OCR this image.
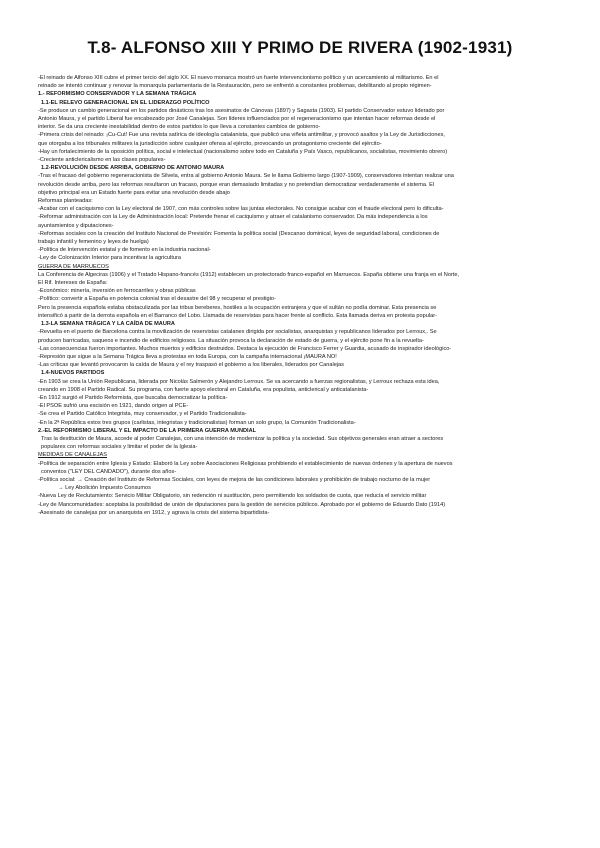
T.8- ALFONSO XIII Y PRIMO DE RIVERA (1902-1931)

-El reinado de Alfonso XIII cubre el primer tercio del siglo XX. El nuevo monarca mostró un fuerte intervencionismo político y un acercamiento al militarismo. En el

reinado se intentó continuar y renovar la monarquía parlamentaria de la Restauración, pero se enfrentó a constantes problemas, debilitando al propio régimen-

1.- REFORMISMO CONSERVADOR Y LA SEMANA TRÁGICA

1.1-EL RELEVO GENERACIONAL EN EL LIDERAZGO POLÍTICO

-Se produce un cambio generacional en los partidos dinásticos tras los asesinatos de Cánovas (1897) y Sagasta (1903). El partido Conservador estuvo liderado por

Antonio Maura, y el partido Liberal fue encabezado por José Canalejas. Son líderes influenciados por el regeneracionismo que intentan hacer reformas desde el

interior. Se da una creciente inestabilidad dentro de estos partidos lo que lleva a constantes cambios de gobierno-

-Primera crisis del reinado: ¡Cu-Cut! Fue una revista satírica de ideología catalanista, que publicó una viñeta antimilitar, y provocó asaltos y la Ley de Jurisdicciones,

que otorgaba a los tribunales militares la jurisdicción sobre cualquier ofensa al ejército, provocando un protagonismo creciente del ejército-

-Hay un fortalecimiento de la oposición política, social e intelectual (nacionalismo sobre todo en Cataluña y País Vasco, republicanos, socialistas, movimiento obrero)

-Creciente anticlericalismo en las clases populares-

1.2-REVOLUCIÓN DESDE ARRIBA, GOBIERNO DE ANTONIO MAURA

-Tras el fracaso del gobierno regeneracionista de Silvela, entra al gobierno Antonio Maura. Se le llama Gobierno largo (1907-1909), conservadores intentan realizar una

revolución desde arriba, pero las reformas resultaron un fracaso, porque eran demasiado limitadas y no pretendían democratizar verdaderamente el sistema. El

objetivo principal era un Estado fuerte para evitar una revolución desde abajo

Reformas planteadas:

-Acabar con el caciquismo con la Ley electoral de 1907, con más controles sobre las juntas electorales. No consigue acabar con el fraude electoral pero lo dificulta-

-Reformar administración con la Ley de Administración local: Pretende frenar el caciquismo y atraer el catalanismo conservador. Da más independencia a los

ayuntamientos y diputaciones-

-Reformas sociales con la creación del Instituto Nacional de Previsión: Fomenta la política social (Descanso dominical, leyes de seguridad laboral, condiciones de

trabajo infantil y femenino y leyes de huelga)

-Política de Intervención estatal y de fomento en la industria nacional-

-Ley de Colonización Interior para incentivar la agricultura

GUERRA DE MARRUECOS

La Conferencia de Algeciras (1906) y el Tratado Hispano-francés (1912) establecen un protectorado franco-español en Marruecos. España obtiene una franja en el Norte,

El Rif. Intereses de España:

-Económico: minería, inversión en ferrocarriles y obras públicas

-Político: convertir a España en potencia colonial tras el desastre del 98 y recuperar el prestigio-

Pero la presencia española estaba obstaculizada por las tribus bereberes, hostiles a la ocupación extranjera y que el sultán no podía dominar. Esta presencia se

intensificó a partir de la derrota española en el Barranco del Lobo. Llamada de reservistas para hacer frente al conflicto. Esta llamada deriva en protesta popular-

1.3-LA SEMANA TRÁGICA Y LA CAÍDA DE MAURA

-Revuelta en el puerto de Barcelona contra la movilización de reservistas catalanes dirigida por socialistas, anarquistas y republicanos liderados por Lerroux,. Se

producen barricadas, saqueos e incendio de edificios religiosos. La situación provoca la declaración de estado de guerra, y el ejército pone fin a la revuelta-

-Las consecuencias fueron importantes. Muchos muertos y edificios destruidos. Destaca la ejecución de Francisco Ferrer y Guardia, acusado de inspirador ideológico-

-Represión que sigue a la Semana Trágica lleva a protestas en toda Europa, con la campaña internacional ¡MAURA NO!

-Las críticas que levantó provocaron la caída de Maura y el rey traspasó el gobierno a los liberales, liderados por Canalejas

1.4-NUEVOS PARTIDOS

-En 1903 se crea la Unión Republicana, liderada por Nicolás Salmerón y Alejandro Lerroux. Se va acercando a fuerzas regionalistas, y Lerroux rechaza esta idea,

creando en 1908 el Partido Radical. Su programa, con fuerte apoyo electoral en Cataluña, era populista, anticlerical y anticatalanista-

-En 1912 surgió el Partido Reformista, que buscaba democratizar la política-

-El PSOE sufrió una escisión en 1921, dando origen al PCE-

-Se crea el Partido Católico Integrista, muy conservador, y el Partido Tradicionalista-

-En la 2ª República estos tres grupos (carlistas, integristas y tradicionalistas) forman un solo grupo, la Comunión Tradicionalista-

2.-EL REFORMISMO LIBERAL Y EL IMPACTO DE LA PRIMERA GUERRA MUNDIAL

Tras la destitución de Maura, accede al poder Canalejas, con una intención de modernizar la política y la sociedad. Sus objetivos generales eran atraer a sectores

populares con reformas sociales y limitar el poder de la Iglesia-

MEDIDAS DE CANALEJAS

-Política de separación entre Iglesia y Estado: Elaboró la Ley sobre Asociaciones Religiosas prohibiendo el establecimiento de nuevas órdenes y la apertura de nuevos

conventos ("LEY DEL CANDADO"), durante dos años-

-Política social: → Creación del Instituto de Reformas Sociales, con leyes de mejora de las condiciones laborales y prohibición de trabajo nocturno de la mujer

→ Ley Abolición Impuesto Consumos

-Nueva Ley de Reclutamiento: Servicio Militar Obligatorio, sin redención ni sustitución, pero permitiendo los soldados de cuota, que reducía el servicio militar

-Ley de Mancomunidades: aceptaba la posibilidad de unión de diputaciones para la gestión de servicios públicos. Aprobado por el gobierno de Eduardo Dato (1914)

-Asesinato de canalejas por un anarquista en 1912, y agrava la crisis del sistema bipartidista-
